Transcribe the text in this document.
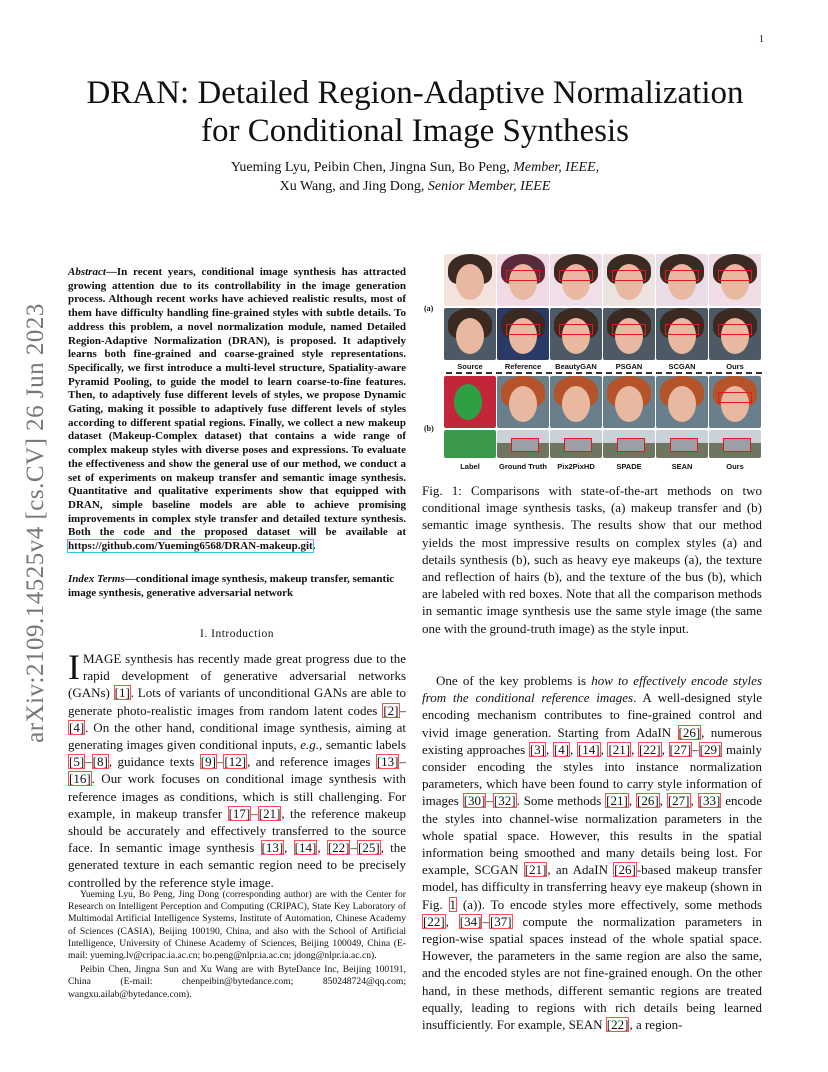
1
arXiv:2109.14525v4 [cs.CV] 26 Jun 2023
DRAN: Detailed Region-Adaptive Normalization
for Conditional Image Synthesis
Yueming Lyu, Peibin Chen, Jingna Sun, Bo Peng, Member, IEEE,
Xu Wang, and Jing Dong, Senior Member, IEEE
Abstract—In recent years, conditional image synthesis has attracted growing attention due to its controllability in the image generation process. Although recent works have achieved realistic results, most of them have difficulty handling fine-grained styles with subtle details. To address this problem, a novel normalization module, named Detailed Region-Adaptive Normalization (DRAN), is proposed. It adaptively learns both fine-grained and coarse-grained style representations. Specifically, we first introduce a multi-level structure, Spatiality-aware Pyramid Pooling, to guide the model to learn coarse-to-fine features. Then, to adaptively fuse different levels of styles, we propose Dynamic Gating, making it possible to adaptively fuse different levels of styles according to different spatial regions. Finally, we collect a new makeup dataset (Makeup-Complex dataset) that contains a wide range of complex makeup styles with diverse poses and expressions. To evaluate the effectiveness and show the general use of our method, we conduct a set of experiments on makeup transfer and semantic image synthesis. Quantitative and qualitative experiments show that equipped with DRAN, simple baseline models are able to achieve promising improvements in complex style transfer and detailed texture synthesis. Both the code and the proposed dataset will be available at https://github.com/Yueming6568/DRAN-makeup.git.
Index Terms—conditional image synthesis, makeup transfer, semantic image synthesis, generative adversarial network
I. Introduction
IMAGE synthesis has recently made great progress due to the rapid development of generative adversarial networks (GANs) [1]. Lots of variants of unconditional GANs are able to generate photo-realistic images from random latent codes [2]–[4]. On the other hand, conditional image synthesis, aiming at generating images given conditional inputs, e.g., semantic labels [5]–[8], guidance texts [9]–[12], and reference images [13]–[16]. Our work focuses on conditional image synthesis with reference images as conditions, which is still challenging. For example, in makeup transfer [17]–[21], the reference makeup should be accurately and effectively transferred to the source face. In semantic image synthesis [13], [14], [22]–[25], the generated texture in each semantic region need to be precisely controlled by the reference style image.

Yueming Lyu, Bo Peng, Jing Dong (corresponding author) are with the Center for Research on Intelligent Perception and Computing (CRIPAC), State Key Laboratory of Multimodal Artificial Intelligence Systems, Institute of Automation, Chinese Academy of Sciences (CASIA), Beijing 100190, China, and also with the School of Artificial Intelligence, University of Chinese Academy of Sciences, Beijing 100049, China (E-mail: yueming.lv@cripac.ia.ac.cn; bo.peng@nlpr.ia.ac.cn; jdong@nlpr.ia.ac.cn).

Peibin Chen, Jingna Sun and Xu Wang are with ByteDance Inc, Beijing 100191, China (E-mail: chenpeibin@bytedance.com; 850248724@qq.com; wangxu.ailab@bytedance.com).

(a)
(b)
Source	Reference	BeautyGAN	PSGAN	SCGAN	Ours
Label	Ground Truth	Pix2PixHD	SPADE	SEAN	Ours
Fig. 1: Comparisons with state-of-the-art methods on two conditional image synthesis tasks, (a) makeup transfer and (b) semantic image synthesis. The results show that our method yields the most impressive results on complex styles (a) and details synthesis (b), such as heavy eye makeups (a), the texture and reflection of hairs (b), and the texture of the bus (b), which are labeled with red boxes. Note that all the comparison methods in semantic image synthesis use the same style image (the same one with the ground-truth image) as the style input.
One of the key problems is how to effectively encode styles from the conditional reference images. A well-designed style encoding mechanism contributes to fine-grained control and vivid image generation. Starting from AdaIN [26], numerous existing approaches [3], [4], [14], [21], [22], [27]–[29] mainly consider encoding the styles into instance normalization parameters, which have been found to carry style information of images [30]–[32]. Some methods [21], [26], [27], [33] encode the styles into channel-wise normalization parameters in the whole spatial space. However, this results in the spatial information being smoothed and many details being lost. For example, SCGAN [21], an AdaIN [26]-based makeup transfer model, has difficulty in transferring heavy eye makeup (shown in Fig. 1 (a)). To encode styles more effectively, some methods [22], [34]–[37] compute the normalization parameters in region-wise spatial spaces instead of the whole spatial space. However, the parameters in the same region are also the same, and the encoded styles are not fine-grained enough. On the other hand, in these methods, different semantic regions are treated equally, leading to regions with rich details being learned insufficiently. For example, SEAN [22], a region-
